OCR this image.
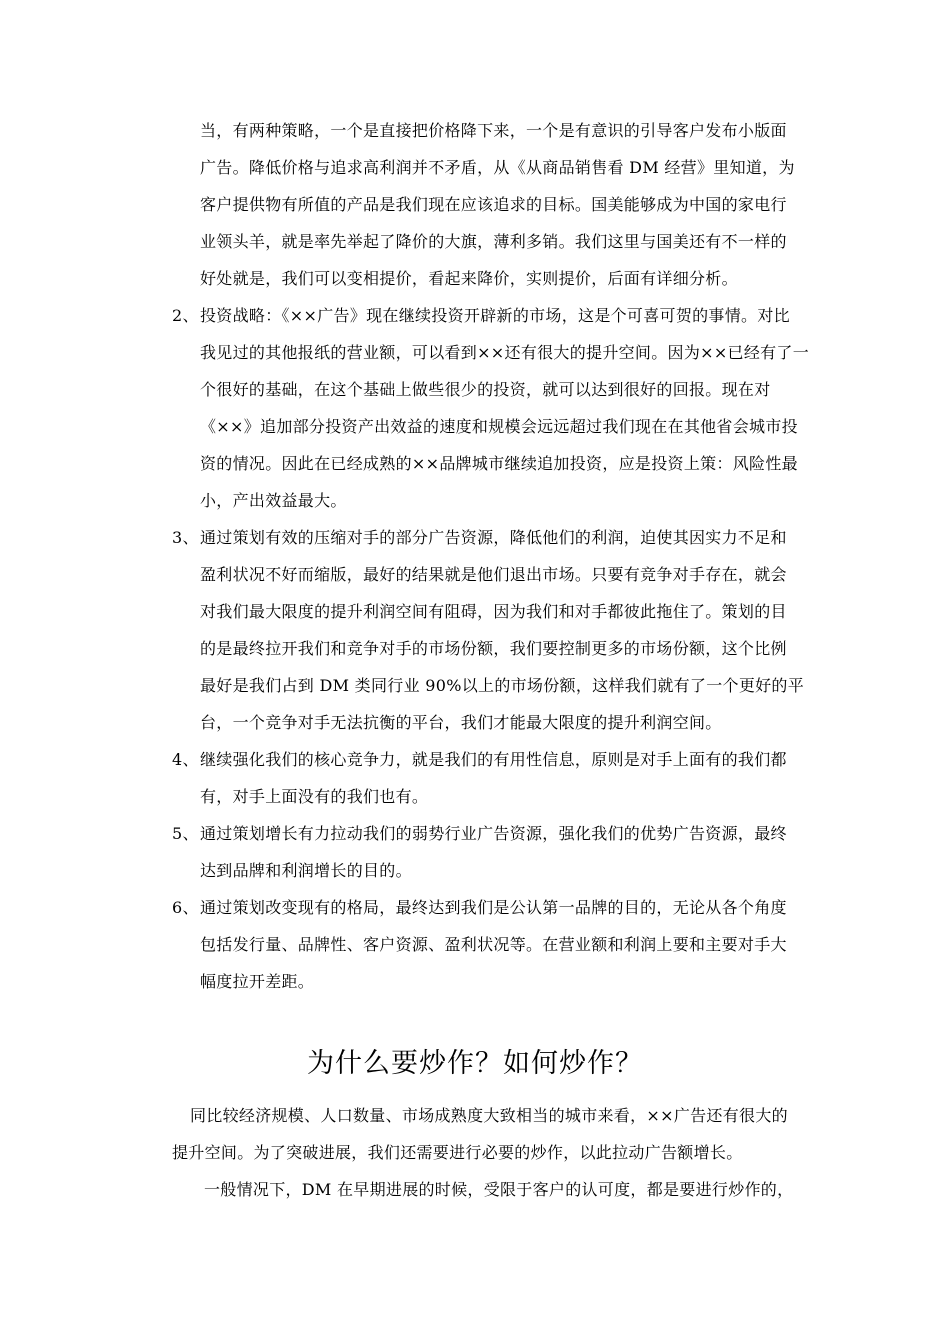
当，有两种策略，一个是直接把价格降下来，一个是有意识的引导客户发布小版面
广告。降低价格与追求高利润并不矛盾，从《从商品销售看 DM 经营》里知道，为
客户提供物有所值的产品是我们现在应该追求的目标。国美能够成为中国的家电行
业领头羊，就是率先举起了降价的大旗，薄利多销。我们这里与国美还有不一样的
好处就是，我们可以变相提价，看起来降价，实则提价，后面有详细分析。
2、 投资战略：《××广告》现在继续投资开辟新的市场，这是个可喜可贺的事情。对比
我见过的其他报纸的营业额，可以看到××还有很大的提升空间。因为××已经有了一
个很好的基础，在这个基础上做些很少的投资，就可以达到很好的回报。现在对
《××》追加部分投资产出效益的速度和规模会远远超过我们现在在其他省会城市投
资的情况。因此在已经成熟的××品牌城市继续追加投资，应是投资上策：风险性最
小，产出效益最大。
3、 通过策划有效的压缩对手的部分广告资源，降低他们的利润，迫使其因实力不足和
盈利状况不好而缩版，最好的结果就是他们退出市场。只要有竞争对手存在，就会
对我们最大限度的提升利润空间有阻碍，因为我们和对手都彼此拖住了。策划的目
的是最终拉开我们和竞争对手的市场份额，我们要控制更多的市场份额，这个比例
最好是我们占到 DM 类同行业 90%以上的市场份额，这样我们就有了一个更好的平
台，一个竞争对手无法抗衡的平台，我们才能最大限度的提升利润空间。
4、 继续强化我们的核心竞争力，就是我们的有用性信息，原则是对手上面有的我们都
有，对手上面没有的我们也有。
5、 通过策划增长有力拉动我们的弱势行业广告资源，强化我们的优势广告资源，最终
达到品牌和利润增长的目的。
6、 通过策划改变现有的格局，最终达到我们是公认第一品牌的目的，无论从各个角度
包括发行量、品牌性、客户资源、盈利状况等。在营业额和利润上要和主要对手大
幅度拉开差距。
为什么要炒作？如何炒作？
同比较经济规模、人口数量、市场成熟度大致相当的城市来看，××广告还有很大的
提升空间。为了突破进展，我们还需要进行必要的炒作，以此拉动广告额增长。
一般情况下，DM 在早期进展的时候，受限于客户的认可度，都是要进行炒作的，
